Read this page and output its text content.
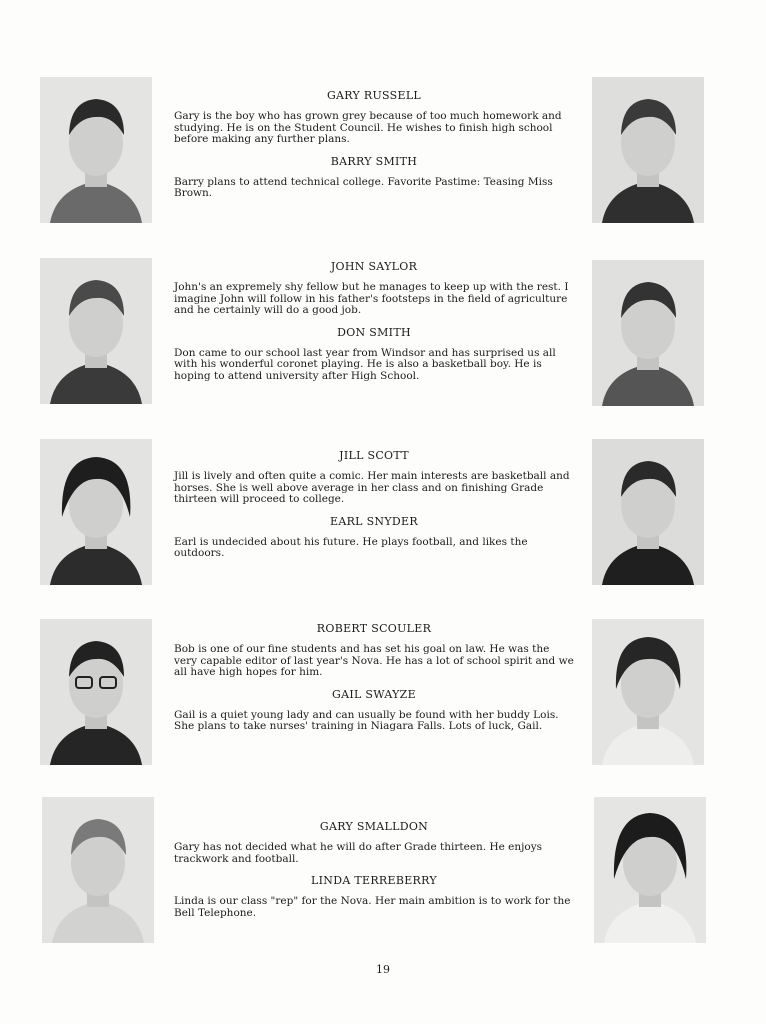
GARY RUSSELL

Gary is the boy who has grown grey because of too much homework and studying. He is on the Student Council. He wishes to finish high school before making any further plans.

BARRY SMITH

Barry plans to attend technical college. Favorite Pastime: Teasing Miss Brown.

JOHN SAYLOR

John's an expremely shy fellow but he manages to keep up with the rest. I imagine John will follow in his father's footsteps in the field of agriculture and he certainly will do a good job.

DON SMITH

Don came to our school last year from Windsor and has surprised us all with his wonderful coronet playing. He is also a basketball boy. He is hoping to attend university after High School.

JILL SCOTT

Jill is lively and often quite a comic. Her main interests are basketball and horses. She is well above average in her class and on finishing Grade thirteen will proceed to college.

EARL SNYDER

Earl is undecided about his future. He plays football, and likes the outdoors.

ROBERT SCOULER

Bob is one of our fine students and has set his goal on law. He was the very capable editor of last year's Nova. He has a lot of school spirit and we all have high hopes for him.

GAIL SWAYZE

Gail is a quiet young lady and can usually be found with her buddy Lois. She plans to take nurses' training in Niagara Falls. Lots of luck, Gail.

GARY SMALLDON

Gary has not decided what he will do after Grade thirteen. He enjoys trackwork and football.

LINDA TERREBERRY

Linda is our class "rep" for the Nova. Her main ambition is to work for the Bell Telephone.

19
